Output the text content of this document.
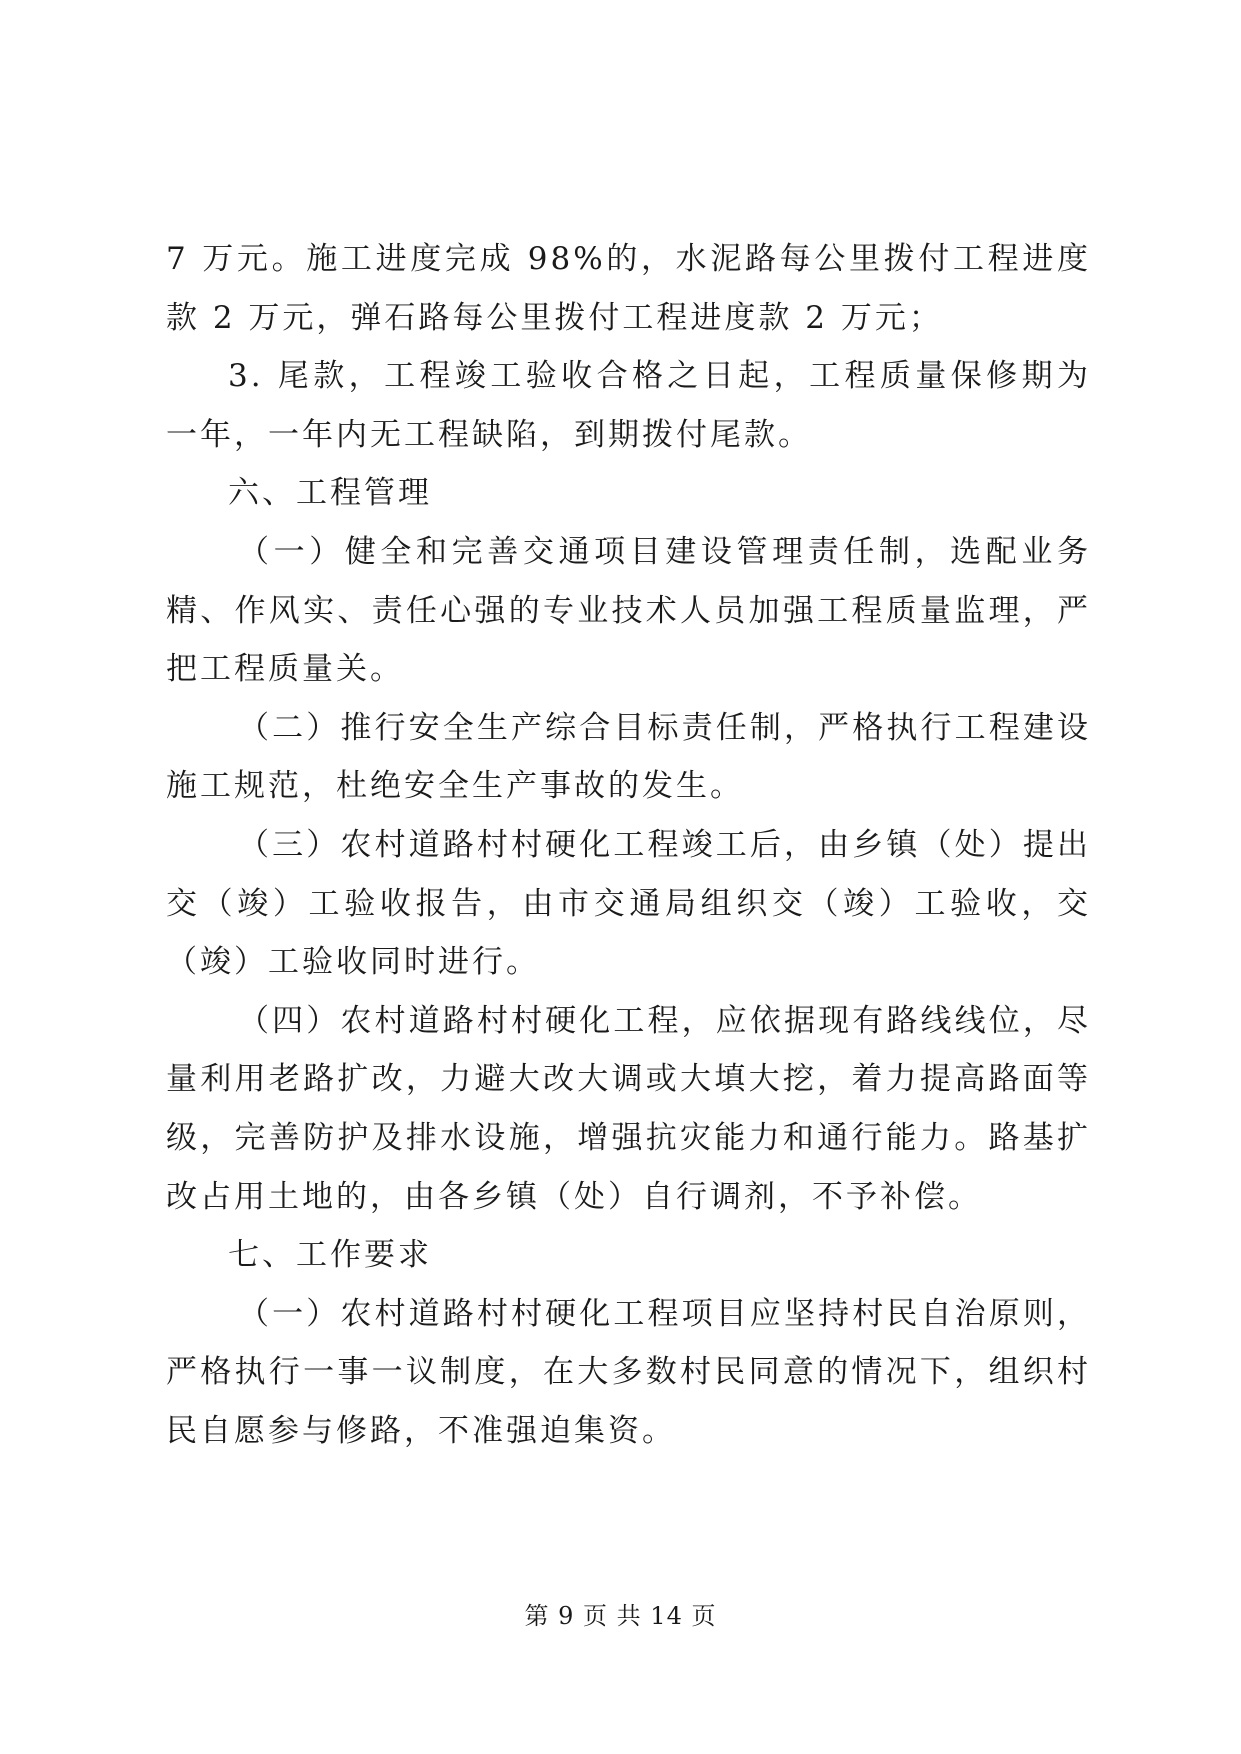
7 万元。施工进度完成 98%的，水泥路每公里拨付工程进度款 2 万元，弹石路每公里拨付工程进度款 2 万元；

3. 尾款，工程竣工验收合格之日起，工程质量保修期为一年，一年内无工程缺陷，到期拨付尾款。

六、工程管理

（一）健全和完善交通项目建设管理责任制，选配业务精、作风实、责任心强的专业技术人员加强工程质量监理，严把工程质量关。

（二）推行安全生产综合目标责任制，严格执行工程建设施工规范，杜绝安全生产事故的发生。

（三）农村道路村村硬化工程竣工后，由乡镇（处）提出交（竣）工验收报告，由市交通局组织交（竣）工验收，交（竣）工验收同时进行。

（四）农村道路村村硬化工程，应依据现有路线线位，尽量利用老路扩改，力避大改大调或大填大挖，着力提高路面等级，完善防护及排水设施，增强抗灾能力和通行能力。路基扩改占用土地的，由各乡镇（处）自行调剂，不予补偿。

七、工作要求

（一）农村道路村村硬化工程项目应坚持村民自治原则，严格执行一事一议制度，在大多数村民同意的情况下，组织村民自愿参与修路，不准强迫集资。

第 9 页 共 14 页
